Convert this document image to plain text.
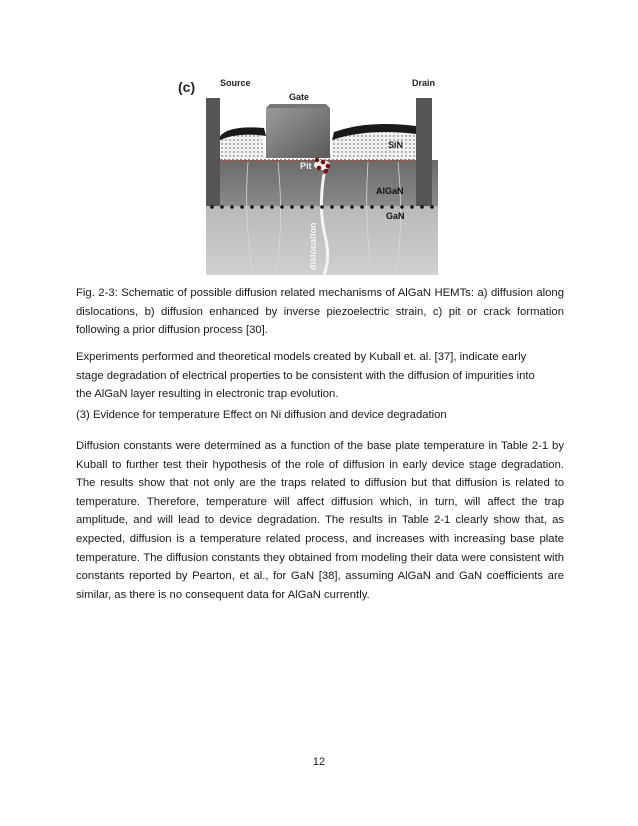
(c)	Source	Drain
Gate
SiN
Pit
AlGaN
GaN
dislocation

Fig. 2-3: Schematic of possible diffusion related mechanisms of AlGaN HEMTs: a) diffusion along dislocations, b) diffusion enhanced by inverse piezoelectric strain, c) pit or crack formation following a prior diffusion process [30].

Experiments performed and theoretical models created by Kuball et. al. [37], indicate early
stage degradation of electrical properties to be consistent with the diffusion of impurities into
the AlGaN layer resulting in electronic trap evolution.

(3) Evidence for temperature Effect on Ni diffusion and device degradation

Diffusion constants were determined as a function of the base plate temperature in Table 2-1 by Kuball to further test their hypothesis of the role of diffusion in early device stage degradation. The results show that not only are the traps related to diffusion but that diffusion is related to temperature. Therefore, temperature will affect diffusion which, in turn, will affect the trap amplitude, and will lead to device degradation. The results in Table 2-1 clearly show that, as expected, diffusion is a temperature related process, and increases with increasing base plate temperature. The diffusion constants they obtained from modeling their data were consistent with constants reported by Pearton, et al., for GaN [38], assuming AlGaN and GaN coefficients are similar, as there is no consequent data for AlGaN currently.

12
